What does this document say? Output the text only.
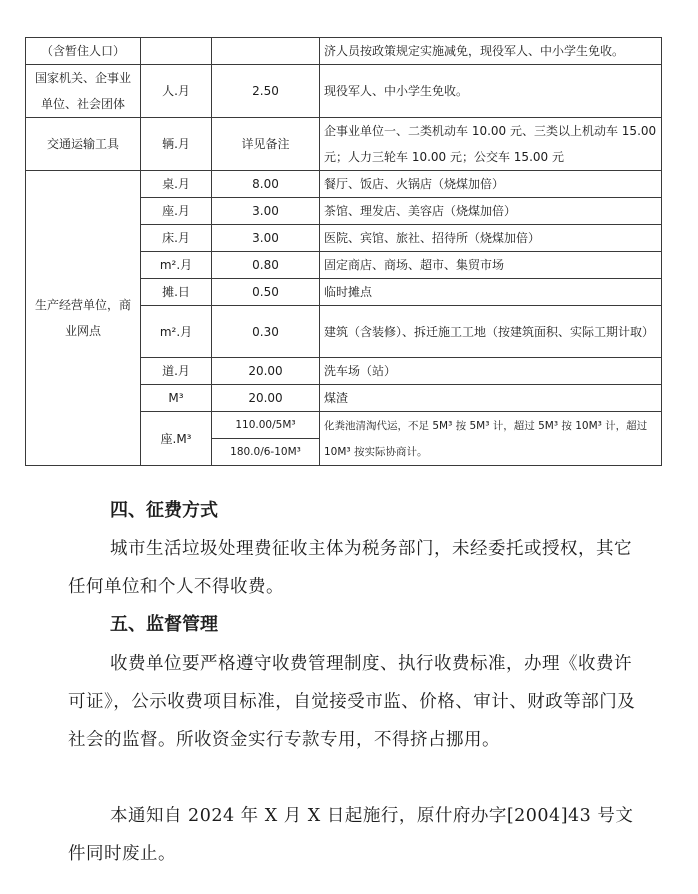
（含暂住人口）			济人员按政策规定实施减免，现役军人、中小学生免收。
国家机关、企事业单位、社会团体	人.月	2.50	现役军人、中小学生免收。
交通运输工具	辆.月	详见备注	企事业单位一、二类机动车 10.00 元、三类以上机动车 15.00 元；人力三轮车 10.00 元；公交车 15.00 元
生产经营单位，商业网点	桌.月	8.00	餐厅、饭店、火锅店（烧煤加倍）
	座.月	3.00	茶馆、理发店、美容店（烧煤加倍）
	床.月	3.00	医院、宾馆、旅社、招待所（烧煤加倍）
	m².月	0.80	固定商店、商场、超市、集贸市场
	摊.日	0.50	临时摊点
	m².月	0.30	建筑（含装修）、拆迁施工工地（按建筑面积、实际工期计取）
	道.月	20.00	洗车场（站）
	M³	20.00	煤渣
	座.M³	110.00/5M³	化粪池清淘代运，不足 5M³ 按 5M³ 计，超过 5M³ 按 10M³ 计，超过 10M³ 按实际协商计。
		180.0/6-10M³	
四、征费方式

城市生活垃圾处理费征收主体为税务部门，未经委托或授权，其它任何单位和个人不得收费。

五、监督管理

收费单位要严格遵守收费管理制度、执行收费标准，办理《收费许可证》，公示收费项目标准，自觉接受市监、价格、审计、财政等部门及社会的监督。所收资金实行专款专用，不得挤占挪用。

本通知自 2024 年 X 月 X 日起施行，原什府办字[2004]43 号文件同时废止。
